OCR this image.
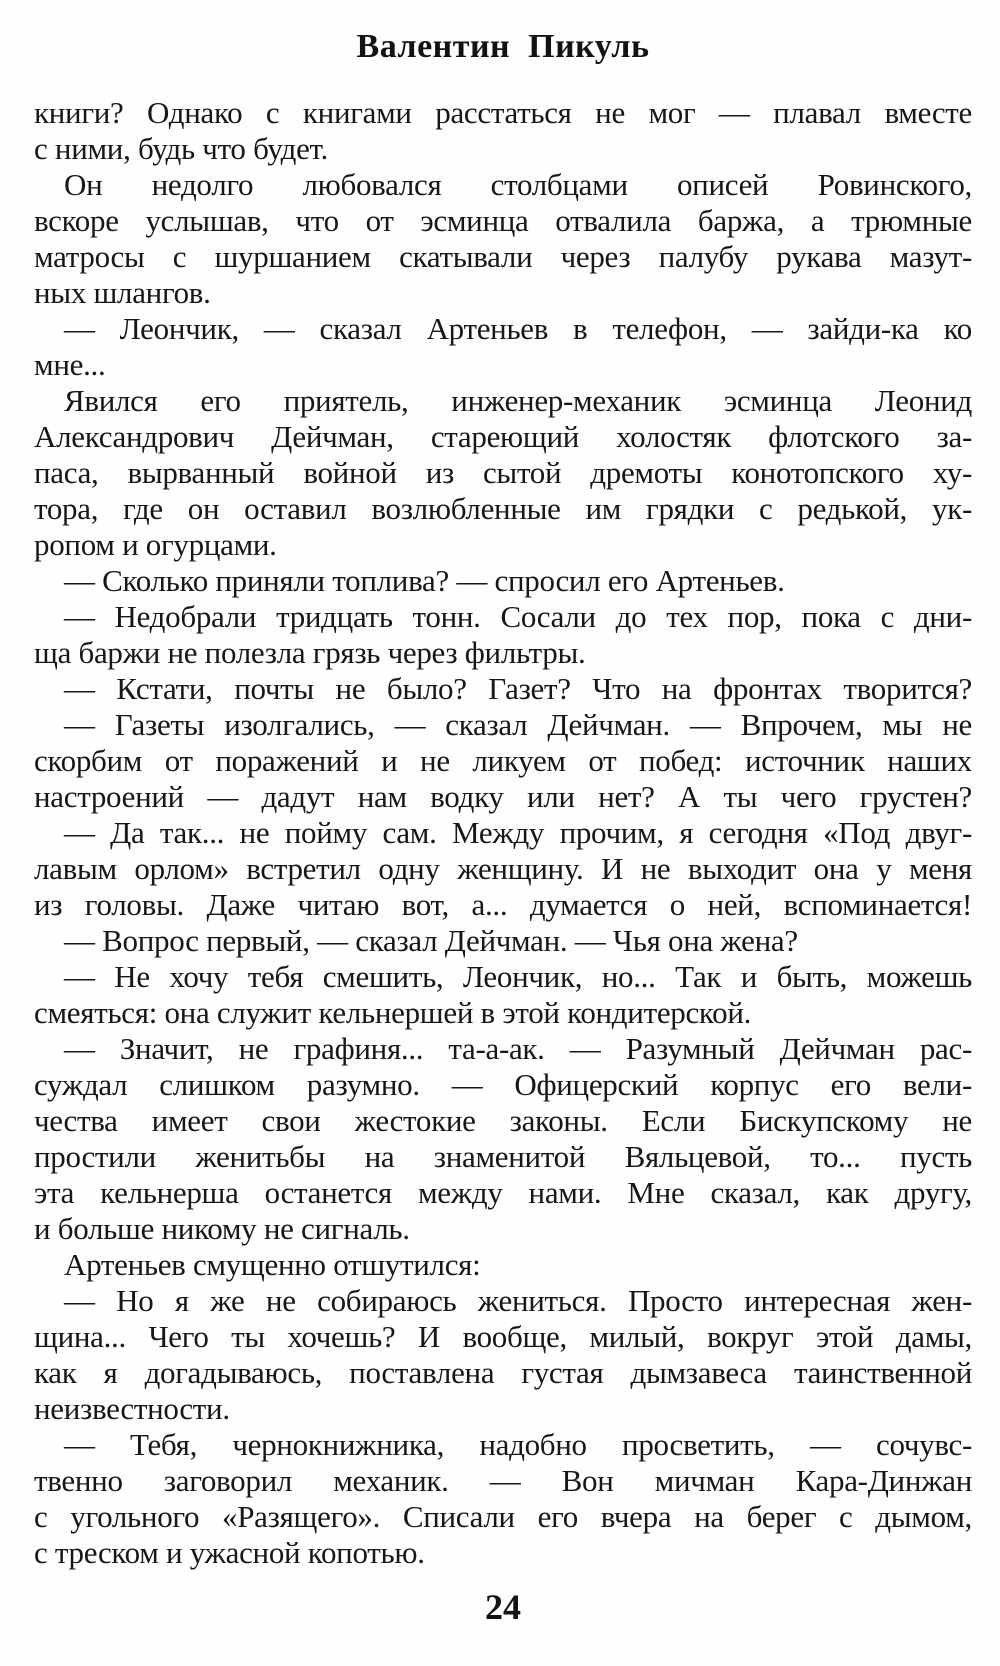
Валентин Пикуль
книги? Однако с книгами расстаться не мог — плавал вместе
с ними, будь что будет.
Он недолго любовался столбцами описей Ровинского,
вскоре услышав, что от эсминца отвалила баржа, а трюмные
матросы с шуршанием скатывали через палубу рукава мазут-
ных шлангов.
— Леончик, — сказал Артеньев в телефон, — зайди-ка ко
мне...
Явился его приятель, инженер-механик эсминца Леонид
Александрович Дейчман, стареющий холостяк флотского за-
паса, вырванный войной из сытой дремоты конотопского ху-
тора, где он оставил возлюбленные им грядки с редькой, ук-
ропом и огурцами.
— Сколько приняли топлива? — спросил его Артеньев.
— Недобрали тридцать тонн. Сосали до тех пор, пока с дни-
ща баржи не полезла грязь через фильтры.
— Кстати, почты не было? Газет? Что на фронтах творится?
— Газеты изолгались, — сказал Дейчман. — Впрочем, мы не
скорбим от поражений и не ликуем от побед: источник наших
настроений — дадут нам водку или нет? А ты чего грустен?
— Да так... не пойму сам. Между прочим, я сегодня «Под двуг-
лавым орлом» встретил одну женщину. И не выходит она у меня
из головы. Даже читаю вот, а... думается о ней, вспоминается!
— Вопрос первый, — сказал Дейчман. — Чья она жена?
— Не хочу тебя смешить, Леончик, но... Так и быть, можешь
смеяться: она служит кельнершей в этой кондитерской.
— Значит, не графиня... та-а-ак. — Разумный Дейчман рас-
суждал слишком разумно. — Офицерский корпус его вели-
чества имеет свои жестокие законы. Если Бискупскому не
простили женитьбы на знаменитой Вяльцевой, то... пусть
эта кельнерша останется между нами. Мне сказал, как другу,
и больше никому не сигналь.
Артеньев смущенно отшутился:
— Но я же не собираюсь жениться. Просто интересная жен-
щина... Чего ты хочешь? И вообще, милый, вокруг этой дамы,
как я догадываюсь, поставлена густая дымзавеса таинственной
неизвестности.
— Тебя, чернокнижника, надобно просветить, — сочувс-
твенно заговорил механик. — Вон мичман Кара-Динжан
с угольного «Разящего». Списали его вчера на берег с дымом,
с треском и ужасной копотью.
24
